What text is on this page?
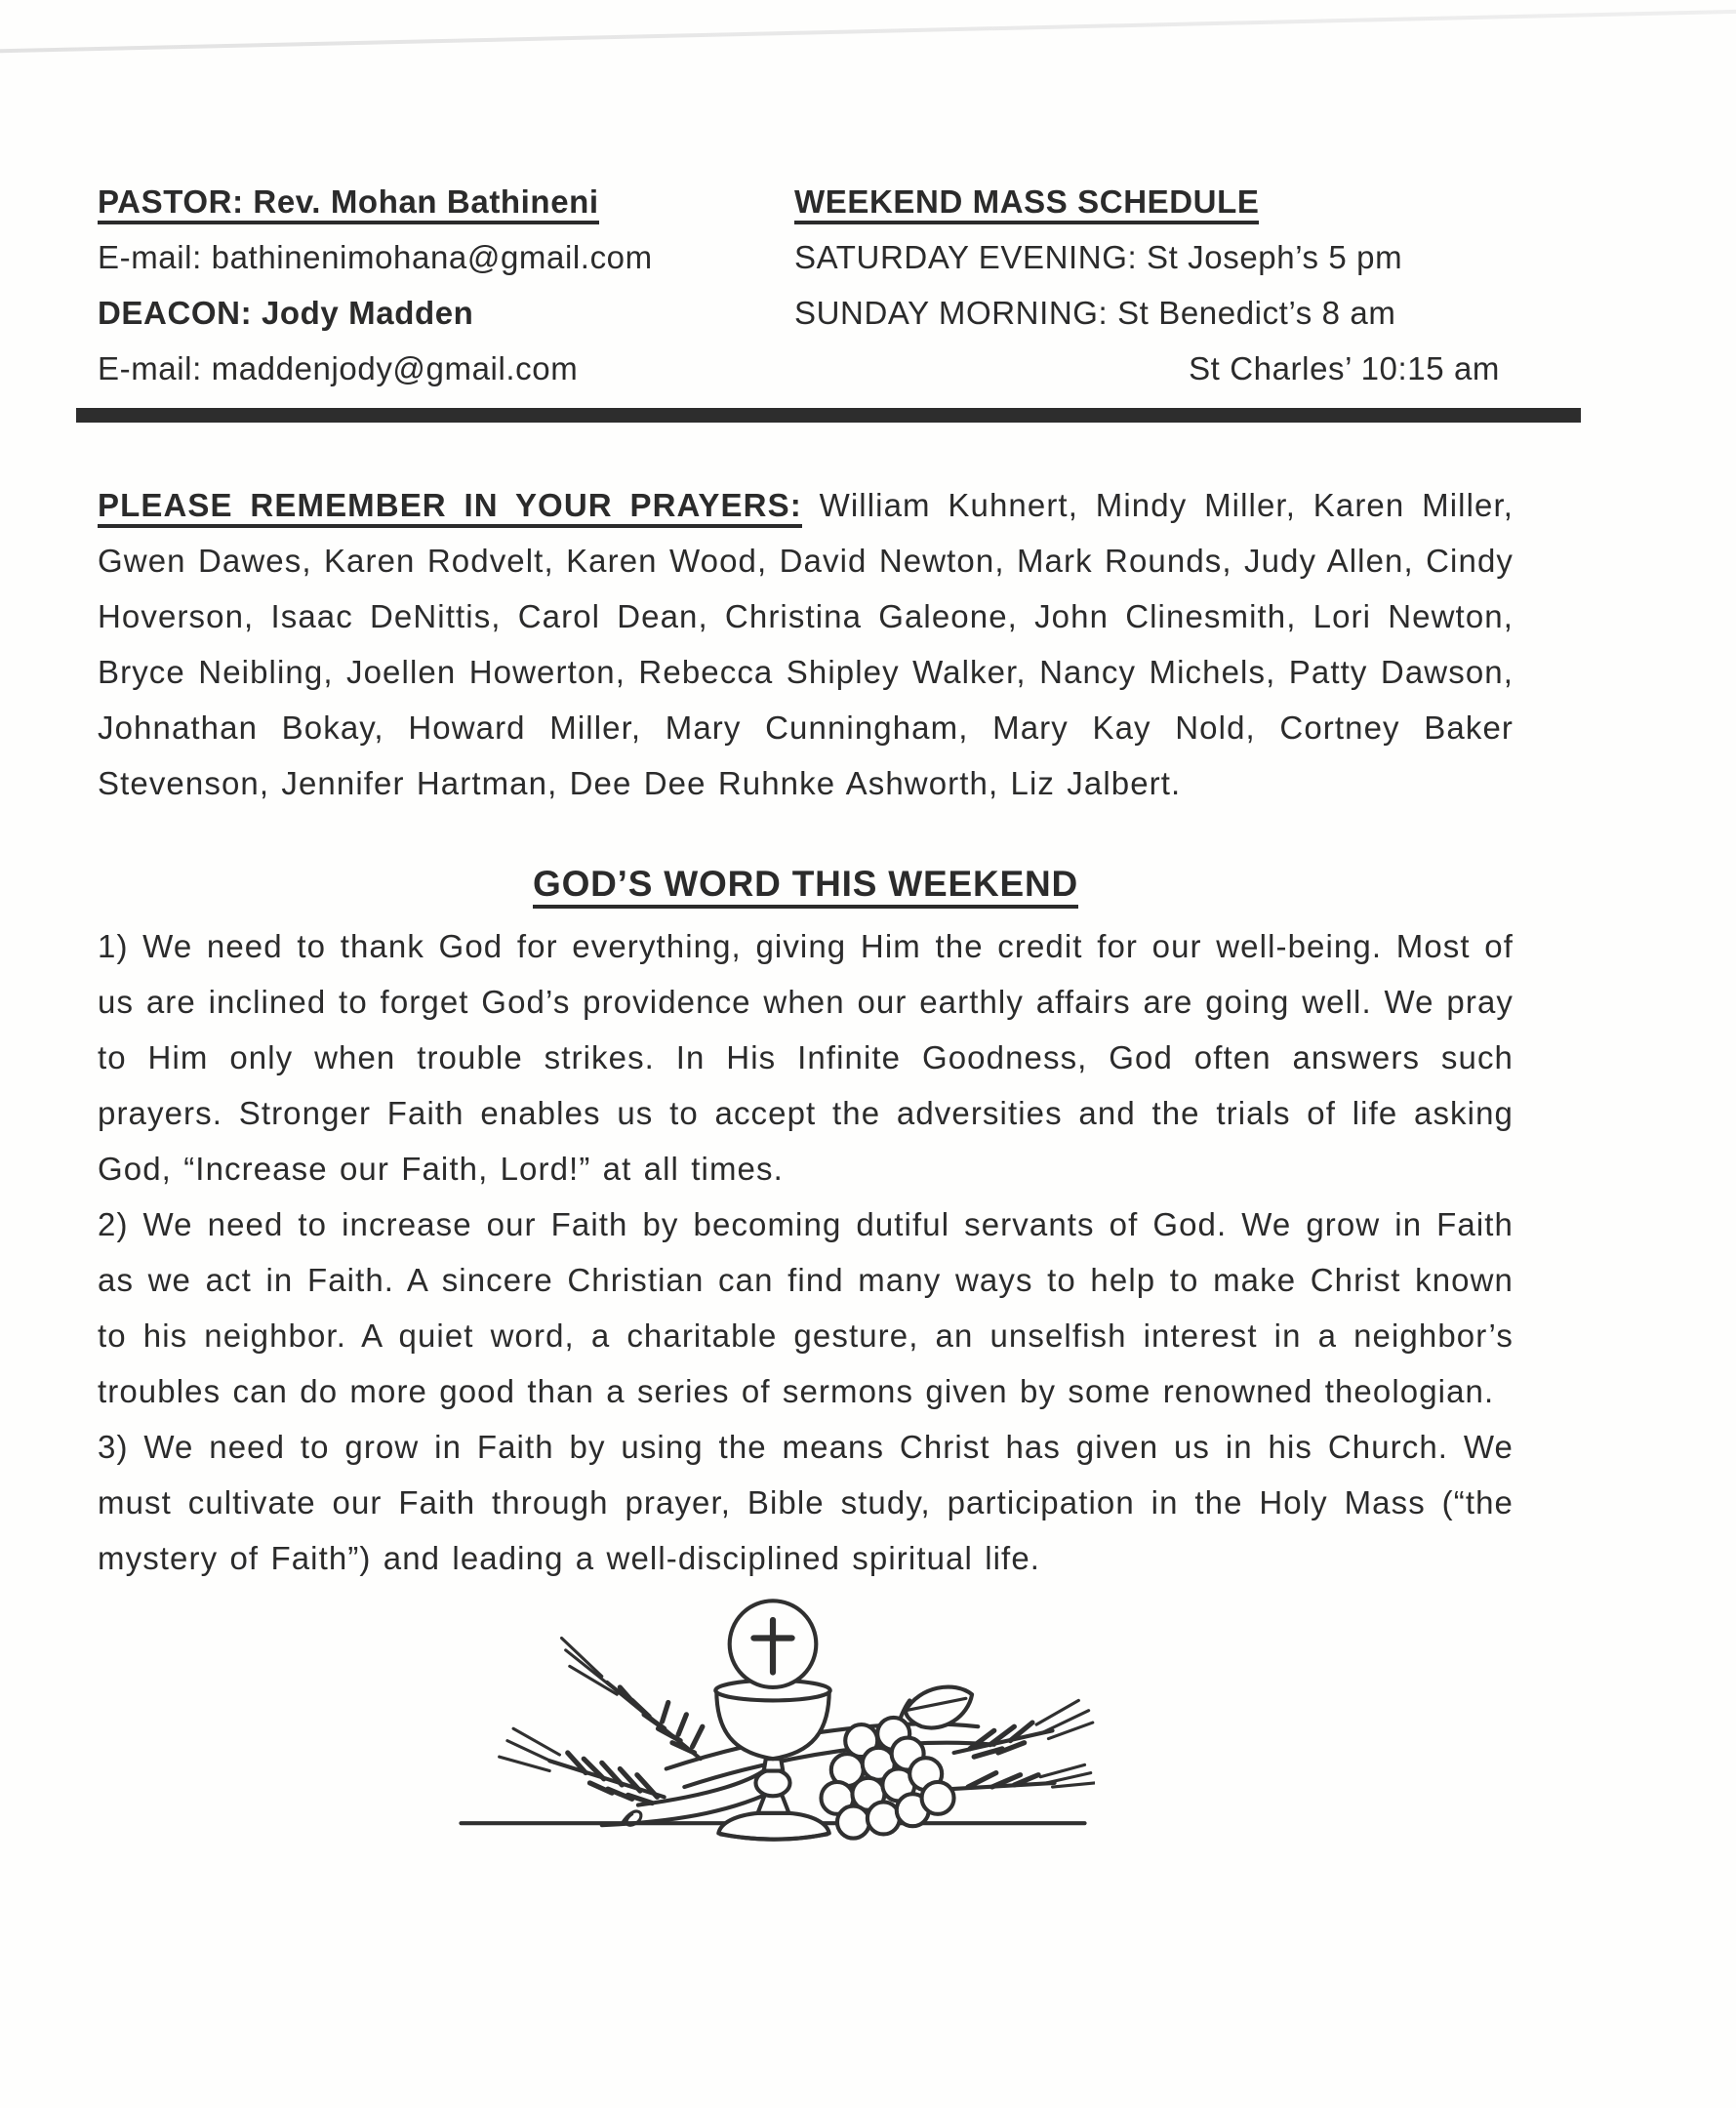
PASTOR: Rev. Mohan Bathineni
E-mail: bathinenimohana@gmail.com
DEACON: Jody Madden
E-mail: maddenjody@gmail.com
WEEKEND MASS SCHEDULE
SATURDAY EVENING: St Joseph’s 5 pm
SUNDAY MORNING: St Benedict’s 8 am
St Charles’ 10:15 am

PLEASE REMEMBER IN YOUR PRAYERS: William Kuhnert, Mindy Miller, Karen Miller, Gwen Dawes, Karen Rodvelt, Karen Wood, David Newton, Mark Rounds, Judy Allen, Cindy Hoverson, Isaac DeNittis, Carol Dean, Christina Galeone, John Clinesmith, Lori Newton, Bryce Neibling, Joellen Howerton, Rebecca Shipley Walker, Nancy Michels, Patty Dawson, Johnathan Bokay, Howard Miller, Mary Cunningham, Mary Kay Nold, Cortney Baker Stevenson, Jennifer Hartman, Dee Dee Ruhnke Ashworth, Liz Jalbert.

GOD’S WORD THIS WEEKEND

1) We need to thank God for everything, giving Him the credit for our well-being. Most of us are inclined to forget God’s providence when our earthly affairs are going well. We pray to Him only when trouble strikes. In His Infinite Goodness, God often answers such prayers. Stronger Faith enables us to accept the adversities and the trials of life asking God, “Increase our Faith, Lord!” at all times.

2) We need to increase our Faith by becoming dutiful servants of God. We grow in Faith as we act in Faith. A sincere Christian can find many ways to help to make Christ known to his neighbor. A quiet word, a charitable gesture, an unselfish interest in a neighbor’s troubles can do more good than a series of sermons given by some renowned theologian.

3) We need to grow in Faith by using the means Christ has given us in his Church. We must cultivate our Faith through prayer, Bible study, participation in the Holy Mass (“the mystery of Faith”) and leading a well-disciplined spiritual life.
